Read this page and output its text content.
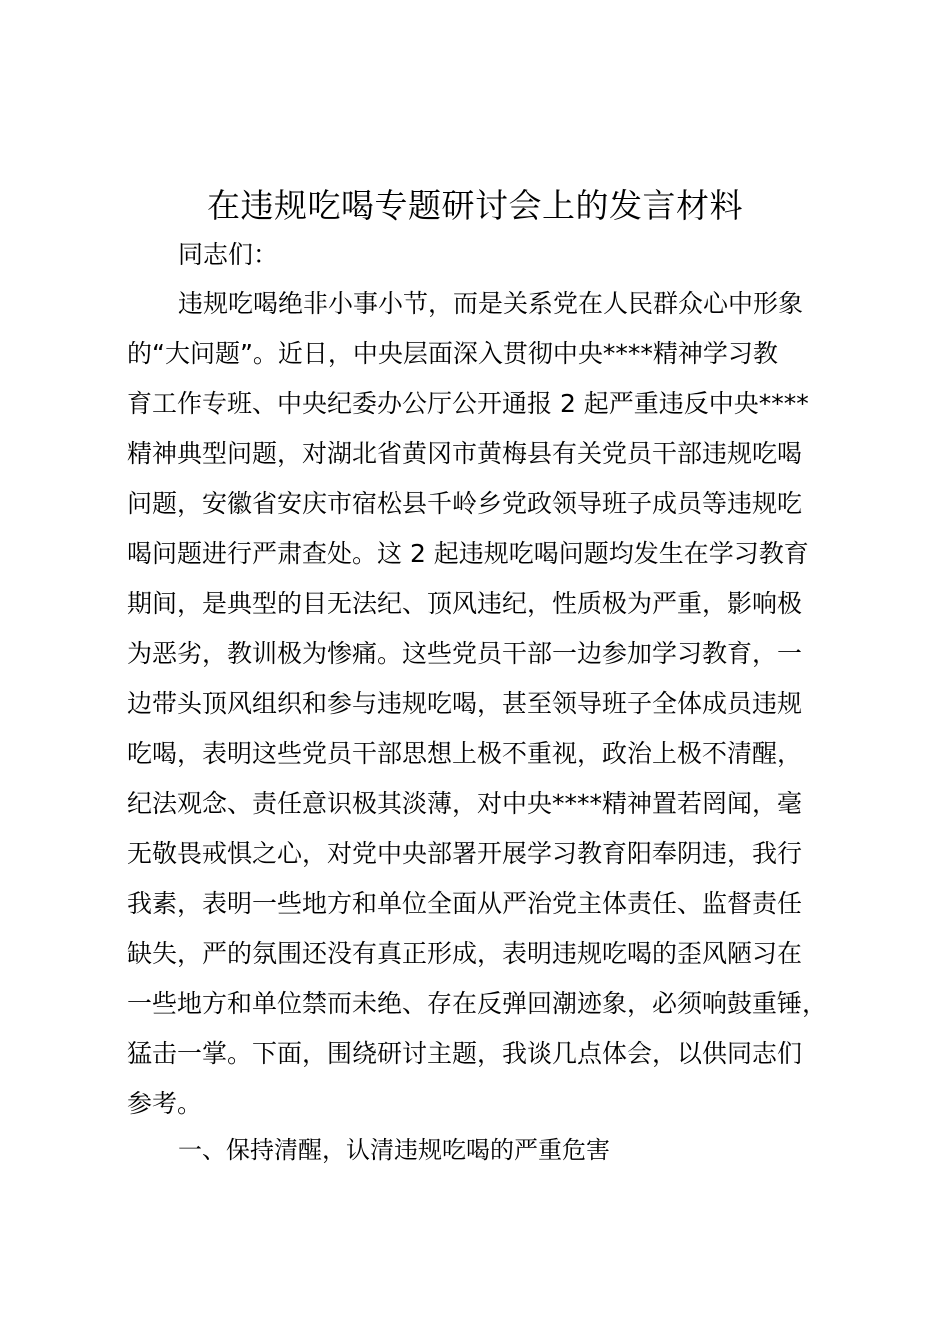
在违规吃喝专题研讨会上的发言材料
同志们：
违规吃喝绝非小事小节，而是关系党在人民群众心中形象
的“大问题”。近日，中央层面深入贯彻中央****精神学习教
育工作专班、中央纪委办公厅公开通报 2 起严重违反中央****
精神典型问题，对湖北省黄冈市黄梅县有关党员干部违规吃喝
问题，安徽省安庆市宿松县千岭乡党政领导班子成员等违规吃
喝问题进行严肃查处。这 2 起违规吃喝问题均发生在学习教育
期间，是典型的目无法纪、顶风违纪，性质极为严重，影响极
为恶劣，教训极为惨痛。这些党员干部一边参加学习教育，一
边带头顶风组织和参与违规吃喝，甚至领导班子全体成员违规
吃喝，表明这些党员干部思想上极不重视，政治上极不清醒，
纪法观念、责任意识极其淡薄，对中央****精神置若罔闻，毫
无敬畏戒惧之心，对党中央部署开展学习教育阳奉阴违，我行
我素，表明一些地方和单位全面从严治党主体责任、监督责任
缺失，严的氛围还没有真正形成，表明违规吃喝的歪风陋习在
一些地方和单位禁而未绝、存在反弹回潮迹象，必须响鼓重锤，
猛击一掌。下面，围绕研讨主题，我谈几点体会，以供同志们
参考。
一、保持清醒，认清违规吃喝的严重危害
